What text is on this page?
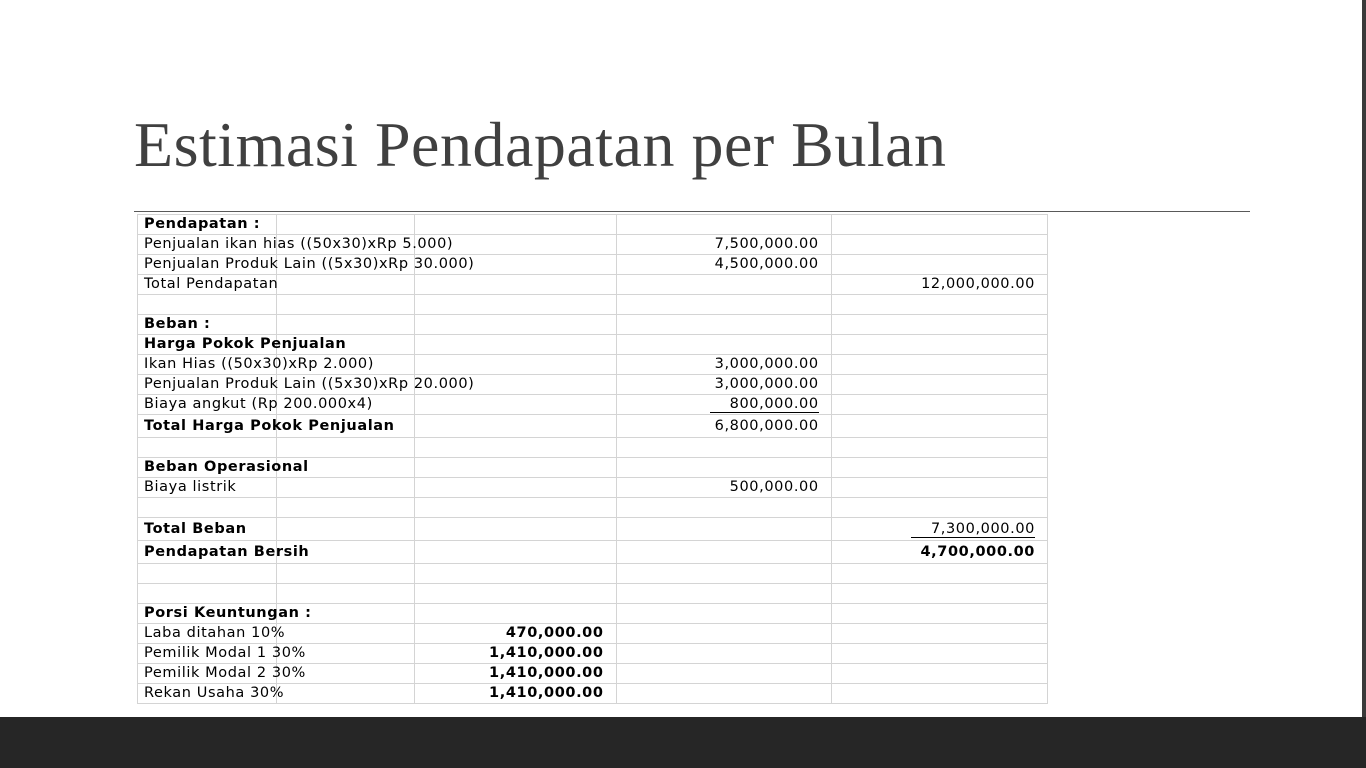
Estimasi Pendapatan per Bulan
Pendapatan :				
Penjualan ikan hias ((50x30)xRp 5.000)			7,500,000.00	
Penjualan Produk Lain ((5x30)xRp 30.000)			4,500,000.00	
Total Pendapatan				12,000,000.00

Beban :				
Harga Pokok Penjualan				
Ikan Hias ((50x30)xRp 2.000)			3,000,000.00	
Penjualan Produk Lain ((5x30)xRp 20.000)			3,000,000.00	
Biaya angkut (Rp 200.000x4)			800,000.00	
Total Harga Pokok Penjualan			6,800,000.00	

Beban Operasional				
Biaya listrik			500,000.00	

Total Beban				7,300,000.00
Pendapatan Bersih				4,700,000.00

Porsi Keuntungan :				
Laba ditahan 10%		470,000.00		
Pemilik Modal 1 30%		1,410,000.00		
Pemilik Modal 2 30%		1,410,000.00		
Rekan Usaha 30%		1,410,000.00		
